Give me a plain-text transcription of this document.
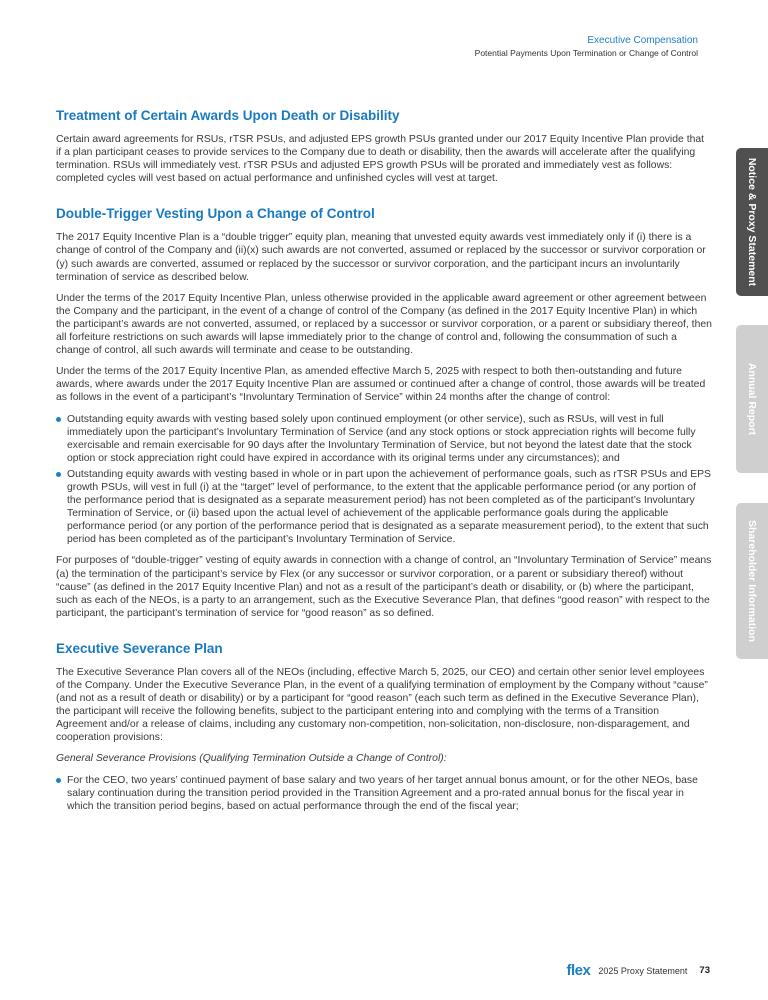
Executive Compensation
Potential Payments Upon Termination or Change of Control
Treatment of Certain Awards Upon Death or Disability

Certain award agreements for RSUs, rTSR PSUs, and adjusted EPS growth PSUs granted under our 2017 Equity Incentive Plan provide that if a plan participant ceases to provide services to the Company due to death or disability, then the awards will accelerate after the qualifying termination. RSUs will immediately vest. rTSR PSUs and adjusted EPS growth PSUs will be prorated and immediately vest as follows: completed cycles will vest based on actual performance and unfinished cycles will vest at target.

Double-Trigger Vesting Upon a Change of Control

The 2017 Equity Incentive Plan is a “double trigger” equity plan, meaning that unvested equity awards vest immediately only if (i) there is a change of control of the Company and (ii)(x) such awards are not converted, assumed or replaced by the successor or survivor corporation or (y) such awards are converted, assumed or replaced by the successor or survivor corporation, and the participant incurs an involuntarily termination of service as described below.

Under the terms of the 2017 Equity Incentive Plan, unless otherwise provided in the applicable award agreement or other agreement between the Company and the participant, in the event of a change of control of the Company (as defined in the 2017 Equity Incentive Plan) in which the participant’s awards are not converted, assumed, or replaced by a successor or survivor corporation, or a parent or subsidiary thereof, then all forfeiture restrictions on such awards will lapse immediately prior to the change of control and, following the consummation of such a change of control, all such awards will terminate and cease to be outstanding.

Under the terms of the 2017 Equity Incentive Plan, as amended effective March 5, 2025 with respect to both then-outstanding and future awards, where awards under the 2017 Equity Incentive Plan are assumed or continued after a change of control, those awards will be treated as follows in the event of a participant’s “Involuntary Termination of Service” within 24 months after the change of control:

Outstanding equity awards with vesting based solely upon continued employment (or other service), such as RSUs, will vest in full immediately upon the participant’s Involuntary Termination of Service (and any stock options or stock appreciation rights will become fully exercisable and remain exercisable for 90 days after the Involuntary Termination of Service, but not beyond the latest date that the stock option or stock appreciation right could have expired in accordance with its original terms under any circumstances); and
Outstanding equity awards with vesting based in whole or in part upon the achievement of performance goals, such as rTSR PSUs and EPS growth PSUs, will vest in full (i) at the “target” level of performance, to the extent that the applicable performance period (or any portion of the performance period that is designated as a separate measurement period) has not been completed as of the participant’s Involuntary Termination of Service, or (ii) based upon the actual level of achievement of the applicable performance goals during the applicable performance period (or any portion of the performance period that is designated as a separate measurement period), to the extent that such period has been completed as of the participant’s Involuntary Termination of Service.

For purposes of “double-trigger” vesting of equity awards in connection with a change of control, an “Involuntary Termination of Service” means (a) the termination of the participant’s service by Flex (or any successor or survivor corporation, or a parent or subsidiary thereof) without “cause” (as defined in the 2017 Equity Incentive Plan) and not as a result of the participant’s death or disability, or (b) where the participant, such as each of the NEOs, is a party to an arrangement, such as the Executive Severance Plan, that defines “good reason” with respect to the participant, the participant’s termination of service for “good reason” as so defined.

Executive Severance Plan

The Executive Severance Plan covers all of the NEOs (including, effective March 5, 2025, our CEO) and certain other senior level employees of the Company. Under the Executive Severance Plan, in the event of a qualifying termination of employment by the Company without “cause” (and not as a result of death or disability) or by a participant for “good reason” (each such term as defined in the Executive Severance Plan), the participant will receive the following benefits, subject to the participant entering into and complying with the terms of a Transition Agreement and/or a release of claims, including any customary non-competition, non-solicitation, non-disclosure, non-disparagement, and cooperation provisions:

General Severance Provisions (Qualifying Termination Outside a Change of Control):

For the CEO, two years’ continued payment of base salary and two years of her target annual bonus amount, or for the other NEOs, base salary continuation during the transition period provided in the Transition Agreement and a pro-rated annual bonus for the fiscal year in which the transition period begins, based on actual performance through the end of the fiscal year;
Notice & Proxy Statement
Annual Report
Shareholder Information
flex 2025 Proxy Statement 73
